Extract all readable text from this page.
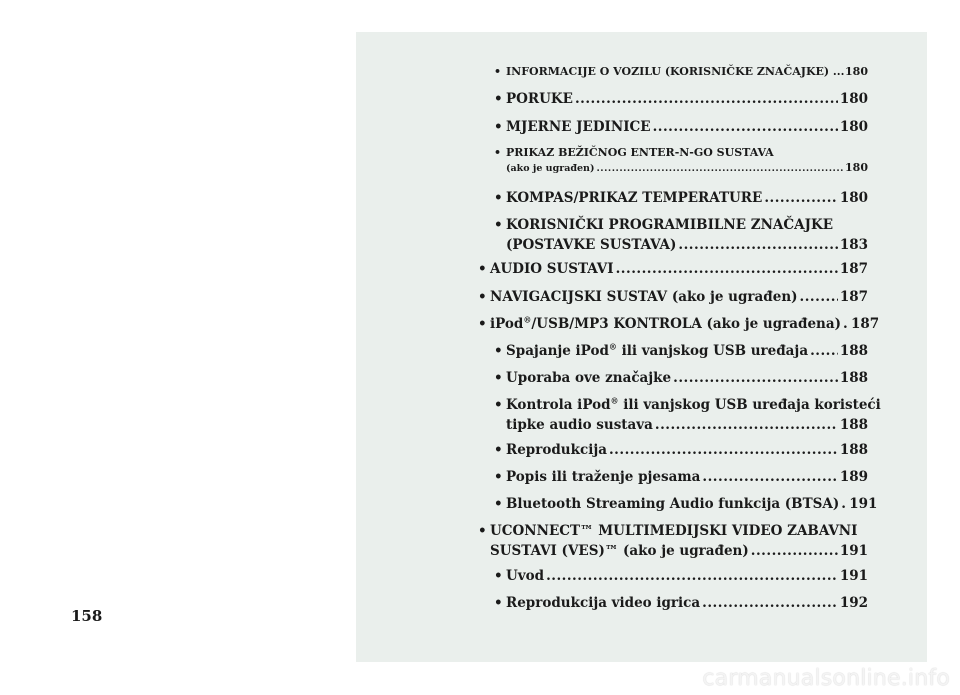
• INFORMACIJE O VOZILU (KORISNIČKE ZNAČAJKE) ... 180
• PORUKE .....	180
• MJERNE JEDINICE .....	180
• PRIKAZ BEŽIČNOG ENTER-N-GO SUSTAVA
(ako je ugrađen) .....	180
• KOMPAS/PRIKAZ TEMPERATURE .....	180
• KORISNIČKI PROGRAMIBILNE ZNAČAJKE
(POSTAVKE SUSTAVA) .....	183
• AUDIO SUSTAVI .....	187
• NAVIGACIJSKI SUSTAV (ako je ugrađen) .....	187
• iPod®/USB/MP3 KONTROLA (ako je ugrađena) ..... 187
• Spajanje iPod® ili vanjskog USB uređaja ..... 188
• Uporaba ove značajke .....	188
• Kontrola iPod® ili vanjskog USB uređaja koristeći
tipke audio sustava .....	188
• Reprodukcija .....	188
• Popis ili traženje pjesama .....	189
• Bluetooth Streaming Audio funkcija (BTSA) ..... 191
• UCONNECT™ MULTIMEDIJSKI VIDEO ZABAVNI
SUSTAVI (VES)™ (ako je ugrađen) .....	191
• Uvod .....	191
• Reprodukcija video igrica .....	192
158
carmanualsonline.info
